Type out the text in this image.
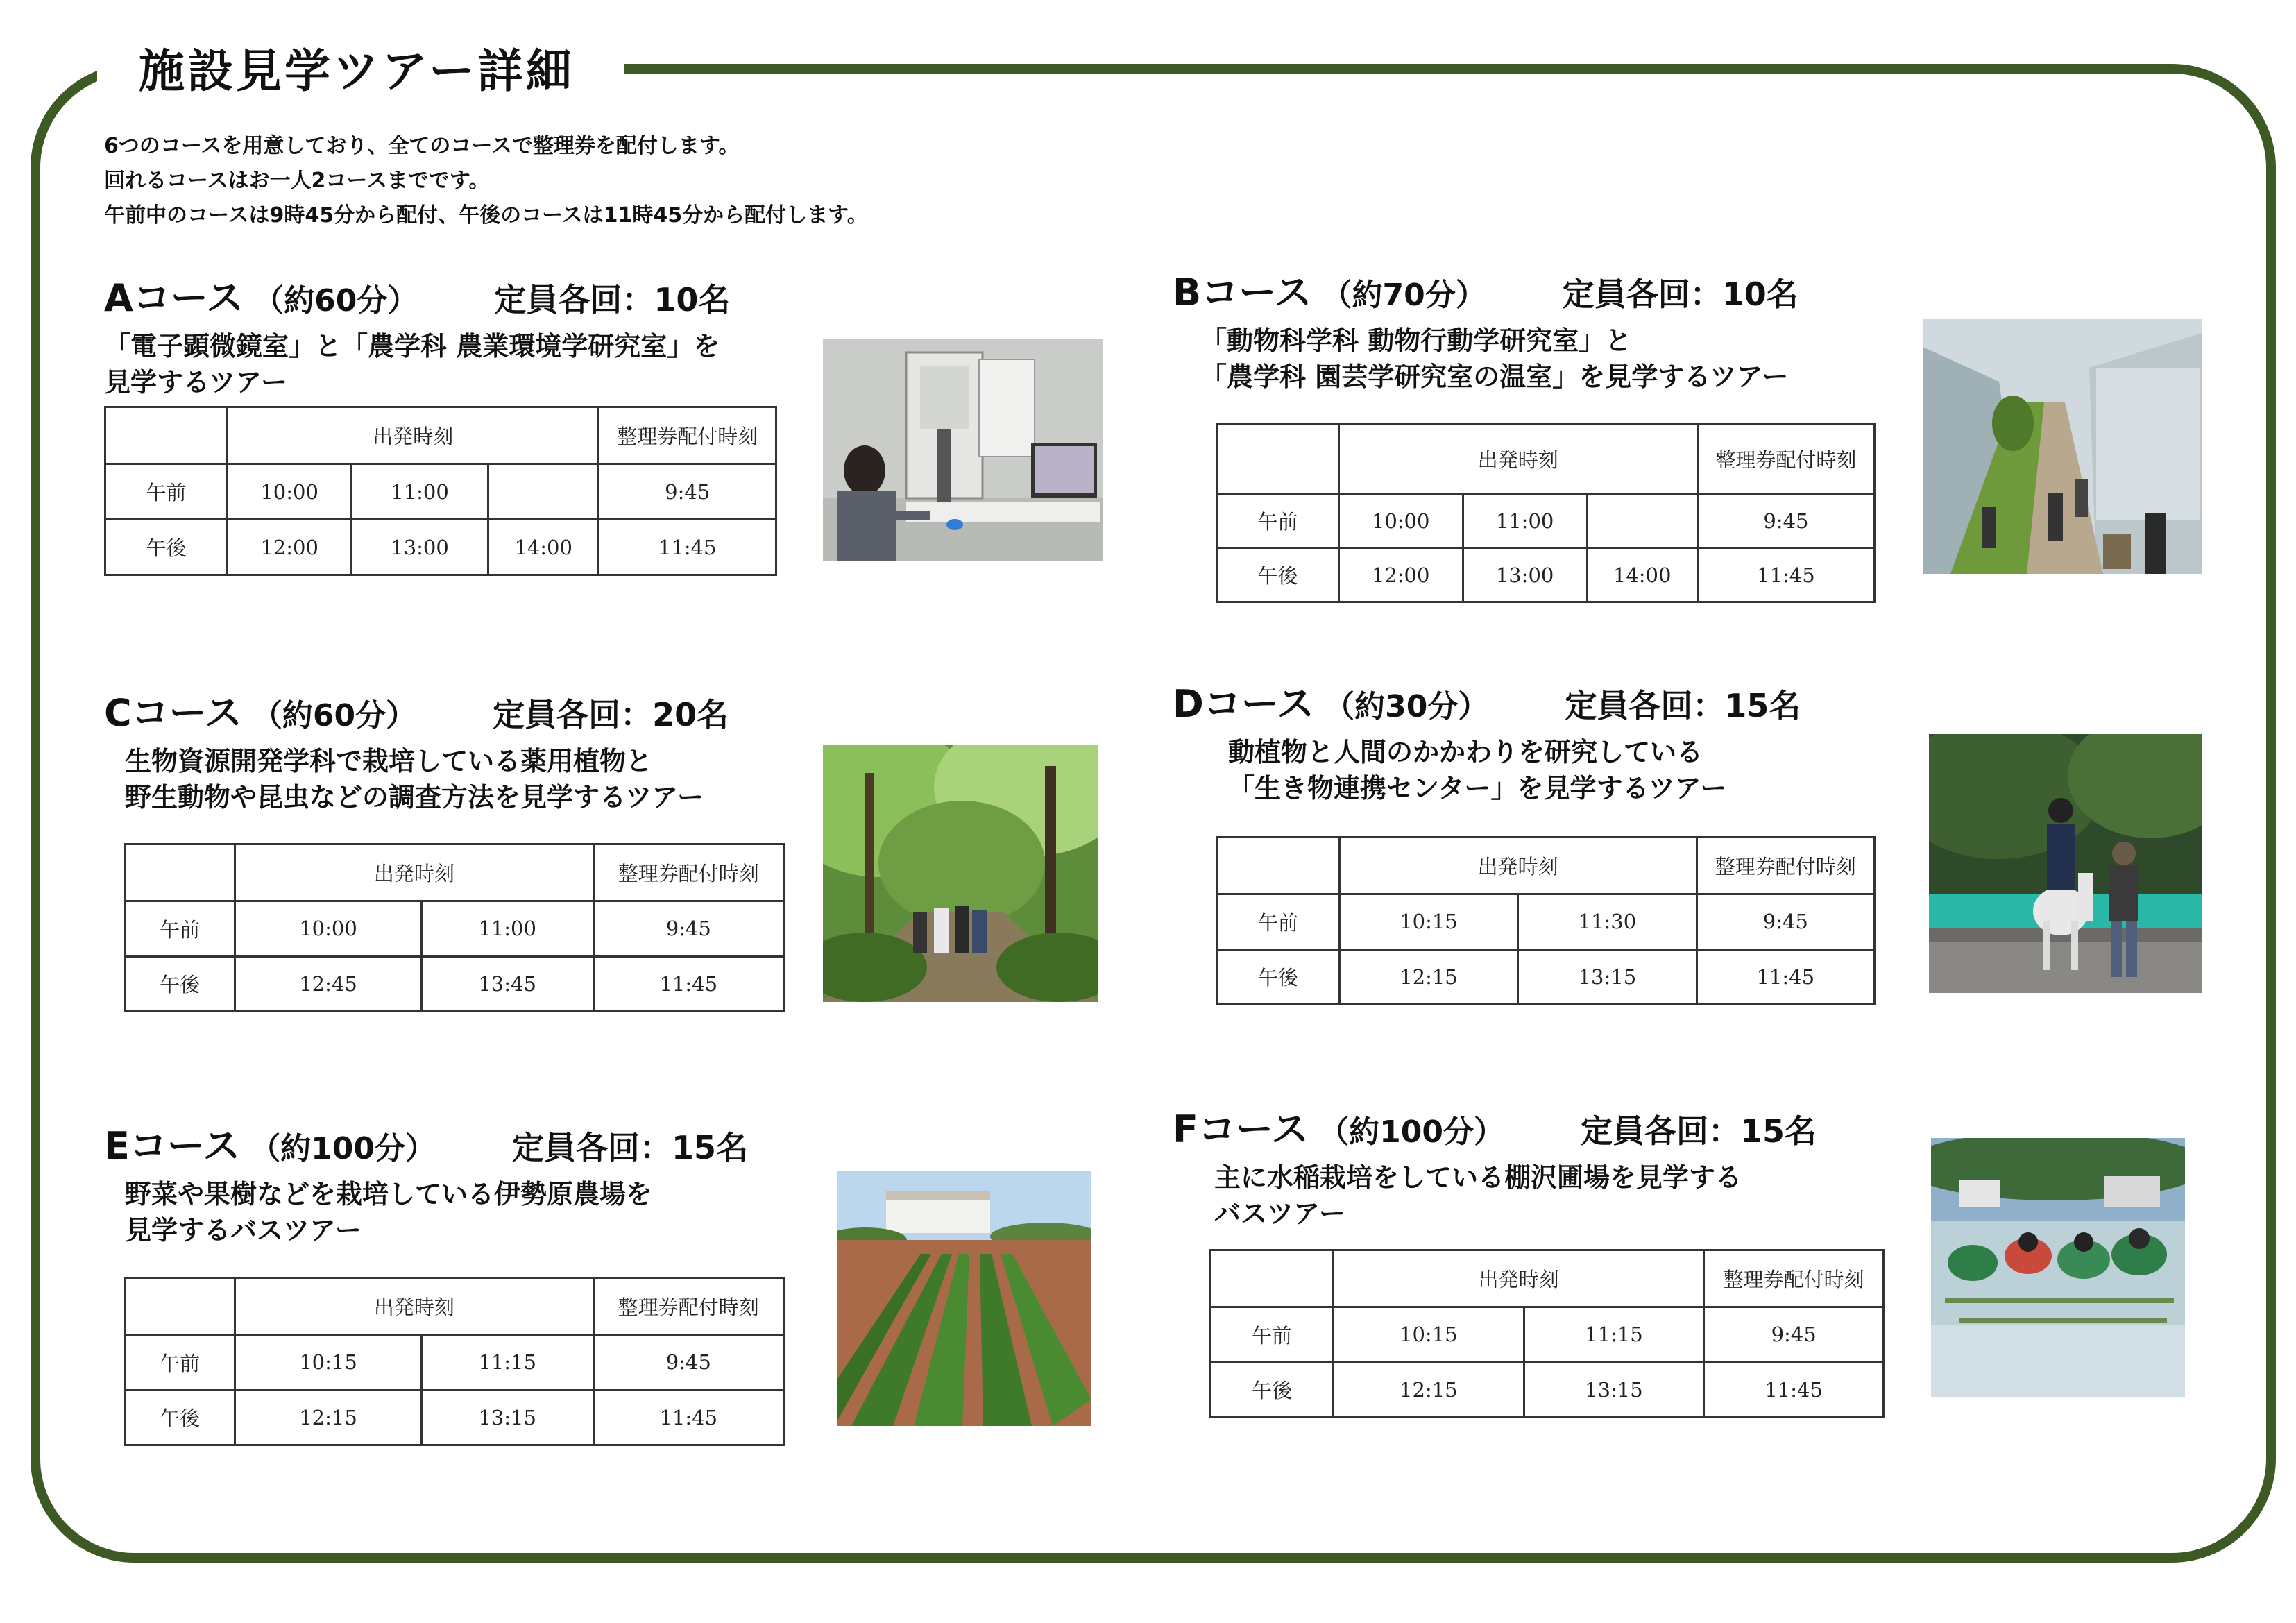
施設見学ツアー詳細
6つのコースを用意しており、全てのコースで整理券を配付します。
回れるコースはお一人2コースまでです。
午前中のコースは9時45分から配付、午後のコースは11時45分から配付します。
Aコース （約60分） 定員各回：10名
「電子顕微鏡室」と「農学科 農業環境学研究室」を
見学するツアー
	出発時刻			整理券配付時刻
午前	10:00	11:00		9:45
午後	12:00	13:00	14:00	11:45
Bコース （約70分） 定員各回：10名
「動物科学科 動物行動学研究室」と
「農学科 園芸学研究室の温室」を見学するツアー
	出発時刻			整理券配付時刻
午前	10:00	11:00		9:45
午後	12:00	13:00	14:00	11:45
Cコース （約60分） 定員各回：20名
生物資源開発学科で栽培している薬用植物と
野生動物や昆虫などの調査方法を見学するツアー
	出発時刻		整理券配付時刻
午前	10:00	11:00	9:45
午後	12:45	13:45	11:45
Dコース （約30分） 定員各回：15名
動植物と人間のかかわりを研究している
「生き物連携センター」を見学するツアー
	出発時刻		整理券配付時刻
午前	10:15	11:30	9:45
午後	12:15	13:15	11:45
Eコース （約100分） 定員各回：15名
野菜や果樹などを栽培している伊勢原農場を
見学するバスツアー
	出発時刻		整理券配付時刻
午前	10:15	11:15	9:45
午後	12:15	13:15	11:45
Fコース （約100分） 定員各回：15名
主に水稲栽培をしている棚沢圃場を見学する
バスツアー
	出発時刻		整理券配付時刻
午前	10:15	11:15	9:45
午後	12:15	13:15	11:45
